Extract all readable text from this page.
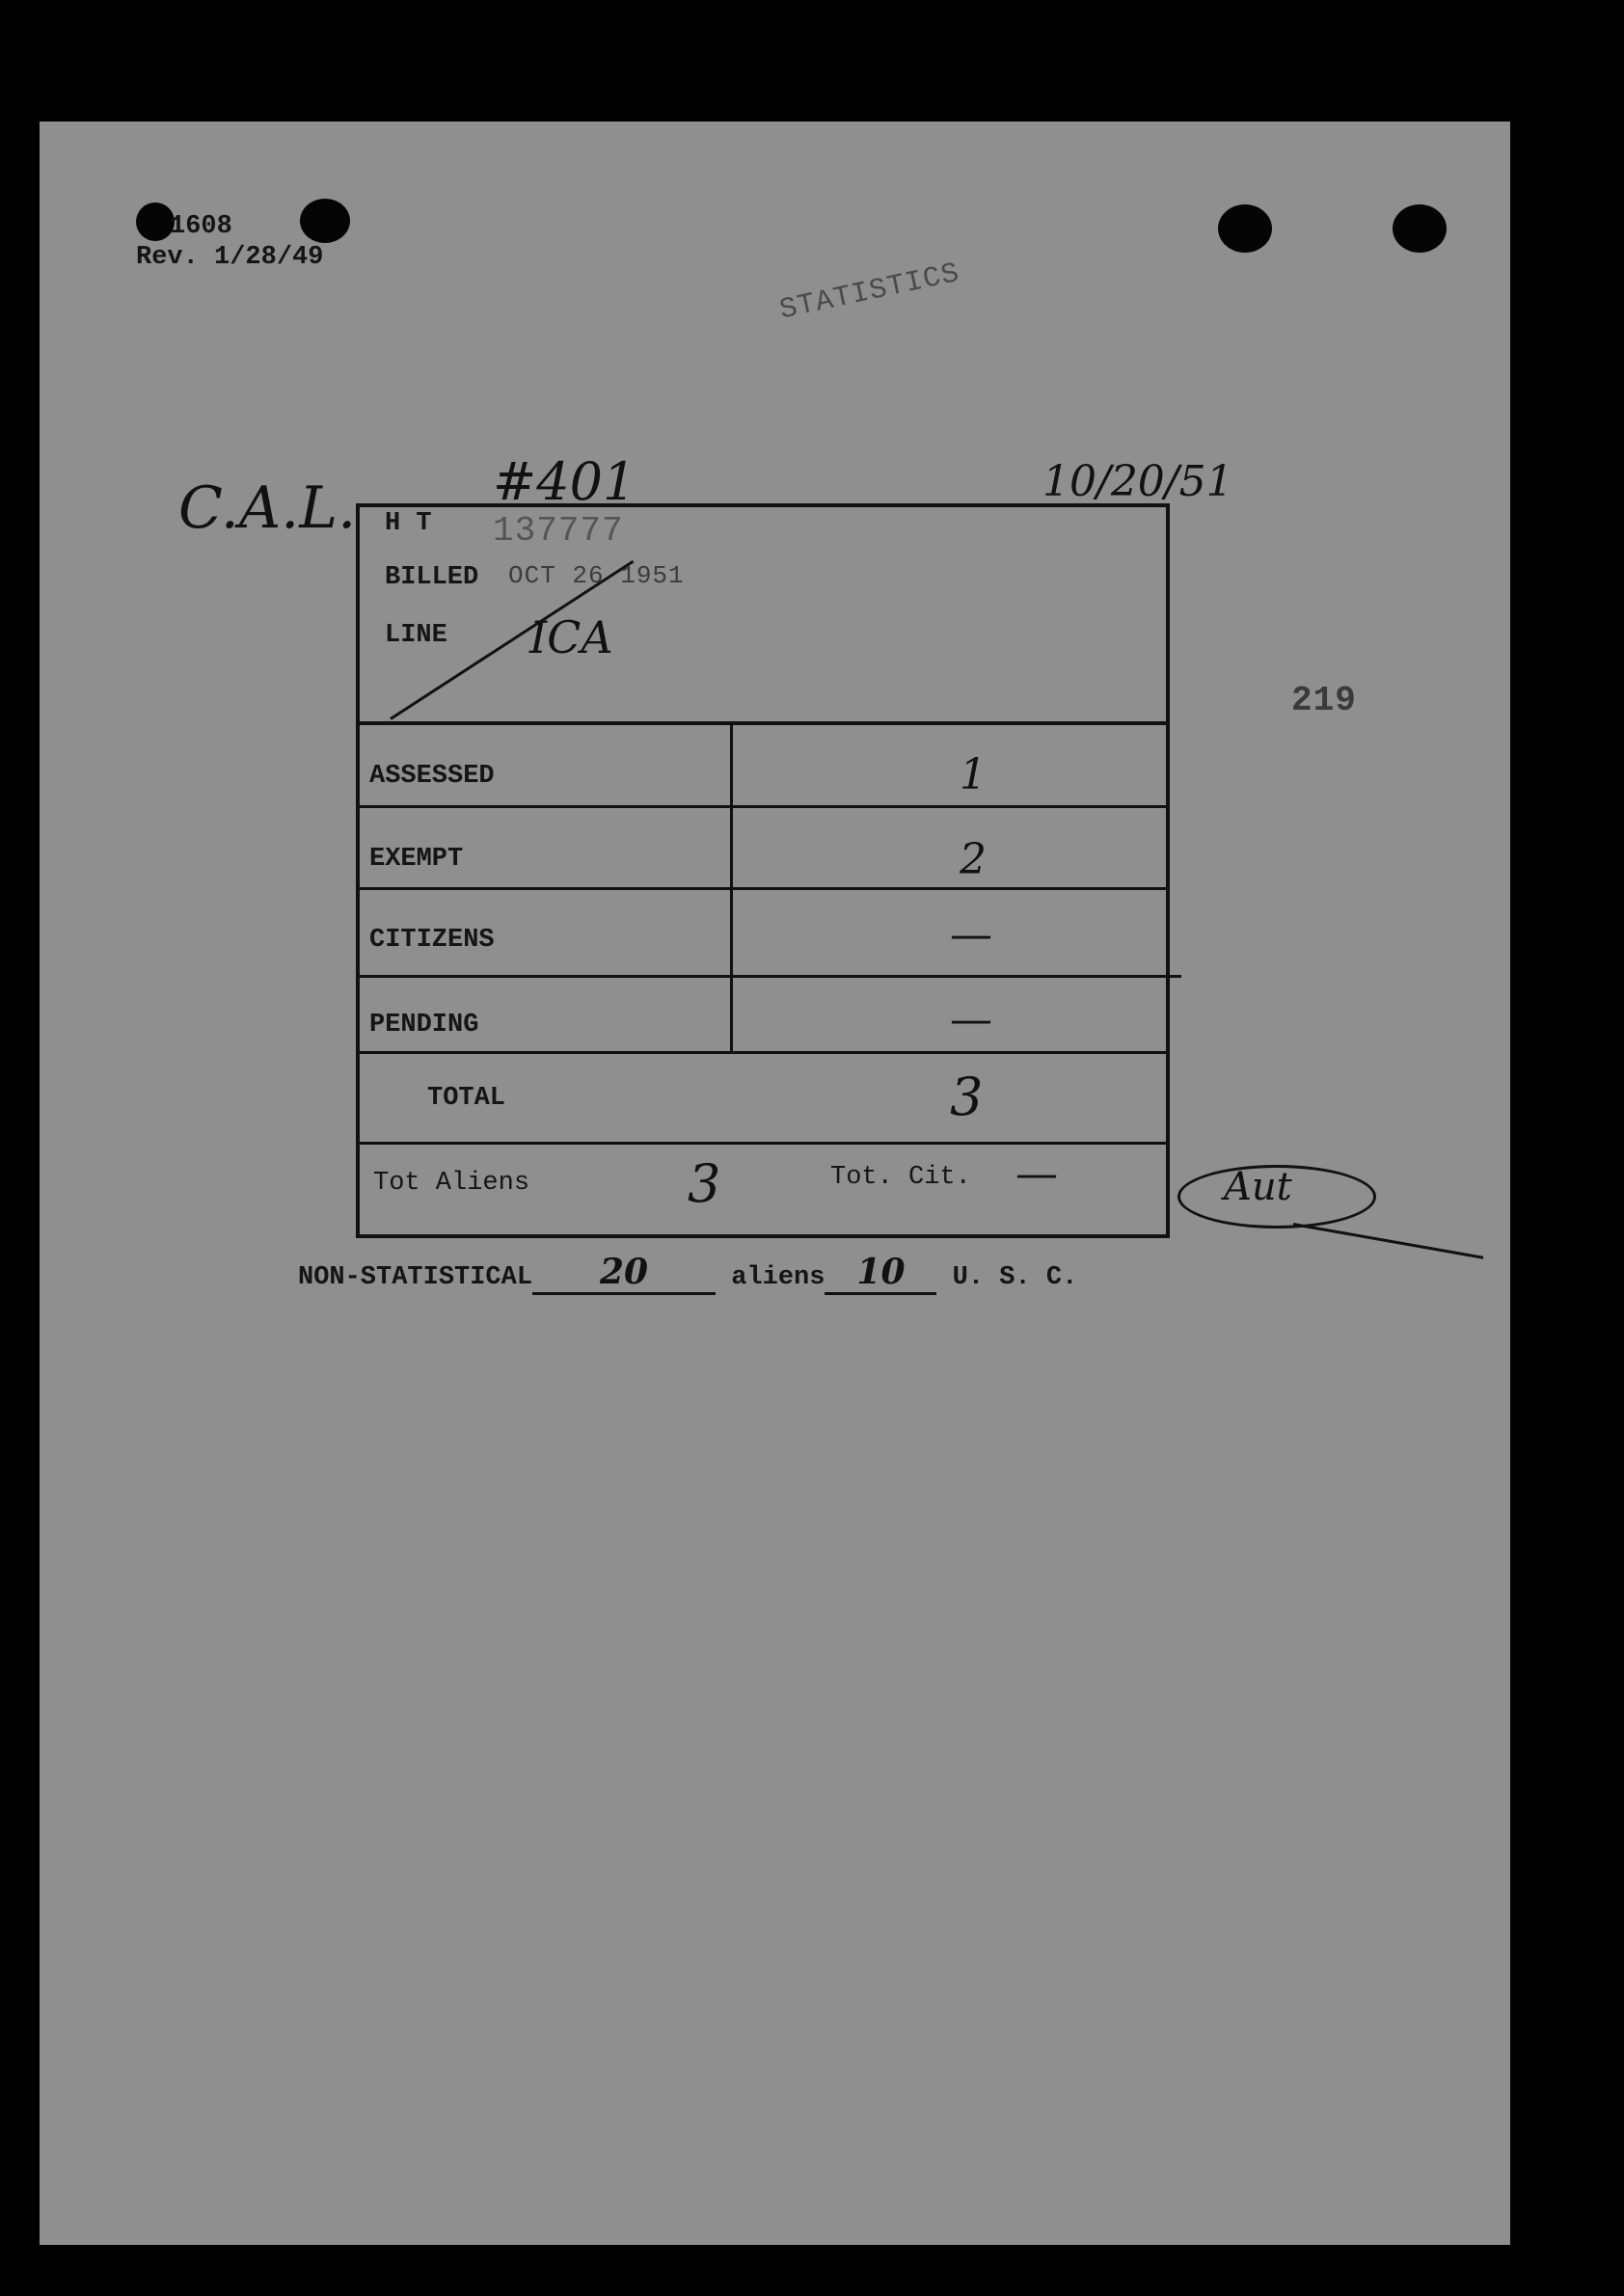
1608
Rev. 1/28/49	STATISTICS
219
C.A.L.	#401	10/20/51
H T 137777
BILLED OCT 26 1951
LINE ICA
ASSESSED	1
EXEMPT	2
CITIZENS	—
PENDING	—
TOTAL	3
Tot Aliens	3	Tot. Cit. —	Aut
NON-STATISTICAL 20	aliens 10 U. S. C.
